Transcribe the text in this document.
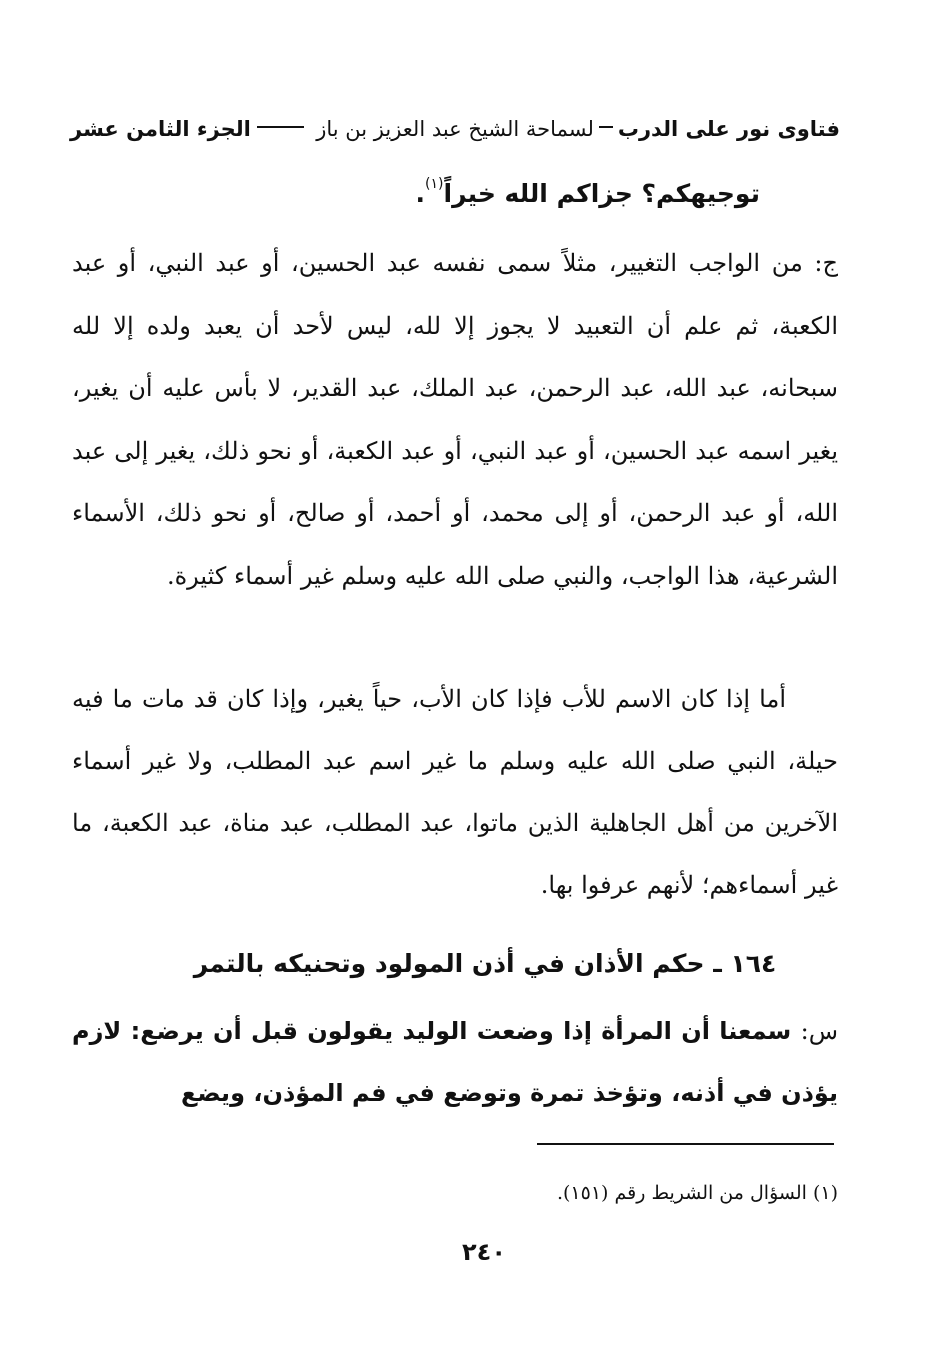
فتاوى نور على الدرب
لسماحة الشيخ عبد العزيز بن باز
الجزء الثامن عشر
توجيهكم؟ جزاكم الله خيراً$^{(١)}$.
ج: من الواجب التغيير، مثلاً سمى نفسه عبد الحسين، أو عبد النبي، أو عبد الكعبة، ثم علم أن التعبيد لا يجوز إلا لله، ليس لأحد أن يعبد ولده إلا لله سبحانه، عبد الله، عبد الرحمن، عبد الملك، عبد القدير، لا بأس عليه أن يغير، يغير اسمه عبد الحسين، أو عبد النبي، أو عبد الكعبة، أو نحو ذلك، يغير إلى عبد الله، أو عبد الرحمن، أو إلى محمد، أو أحمد، أو صالح، أو نحو ذلك، الأسماء الشرعية، هذا الواجب، والنبي صلى الله عليه وسلم غير أسماء كثيرة.
أما إذا كان الاسم للأب فإذا كان الأب، حياً يغير، وإذا كان قد مات ما فيه حيلة، النبي صلى الله عليه وسلم ما غير اسم عبد المطلب، ولا غير أسماء الآخرين من أهل الجاهلية الذين ماتوا، عبد المطلب، عبد مناة، عبد الكعبة، ما غير أسماءهم؛ لأنهم عرفوا بها.
١٦٤ ـ حكم الأذان في أذن المولود وتحنيكه بالتمر
س: سمعنا أن المرأة إذا وضعت الوليد يقولون قبل أن يرضع: لازم يؤذن في أذنه، وتؤخذ تمرة وتوضع في فم المؤذن، ويضع
(١) السؤال من الشريط رقم (١٥١).
٢٤٠
